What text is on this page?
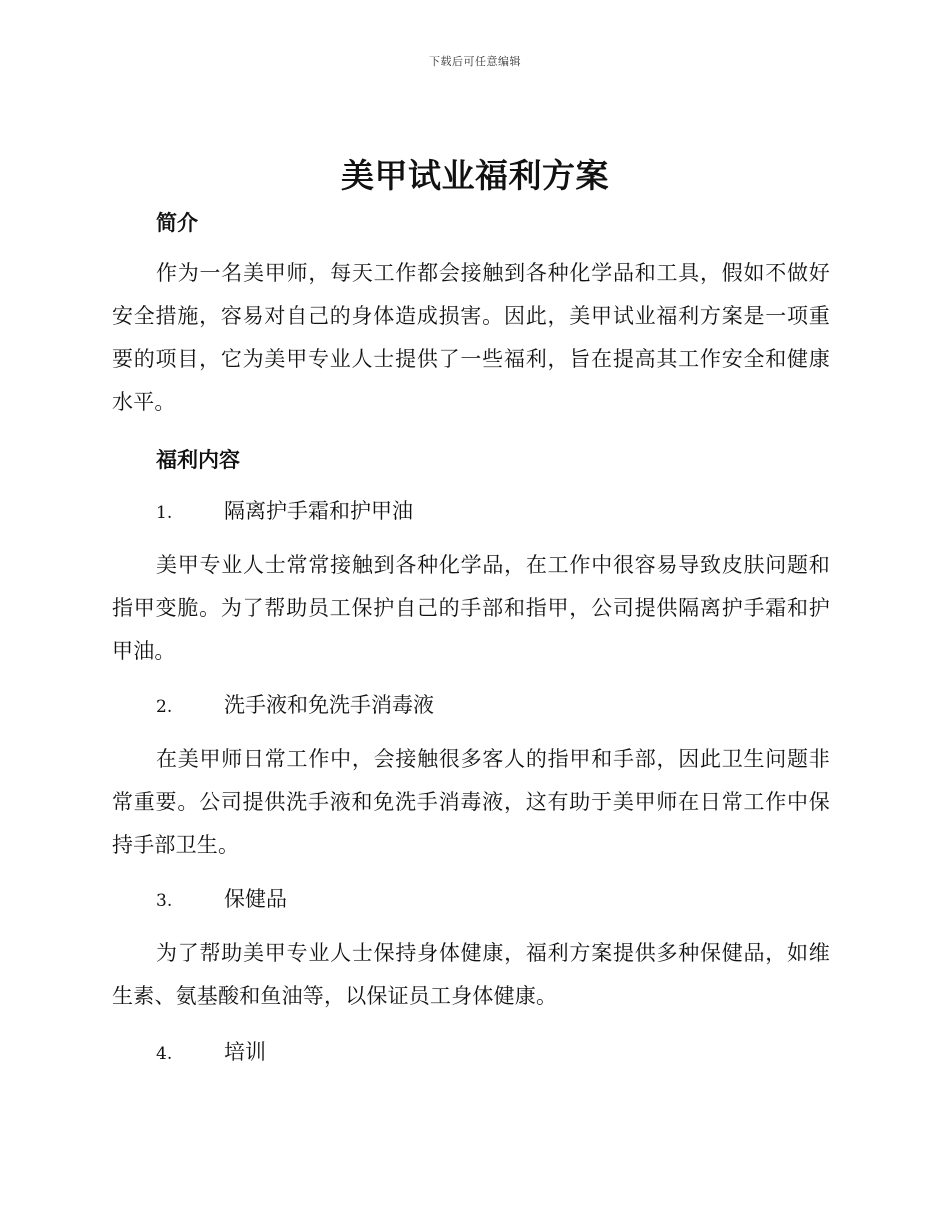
下载后可任意编辑
美甲试业福利方案
简介
作为一名美甲师，每天工作都会接触到各种化学品和工具，假如不做好安全措施，容易对自己的身体造成损害。因此，美甲试业福利方案是一项重要的项目，它为美甲专业人士提供了一些福利，旨在提高其工作安全和健康水平。
福利内容
1. 隔离护手霜和护甲油
美甲专业人士常常接触到各种化学品，在工作中很容易导致皮肤问题和指甲变脆。为了帮助员工保护自己的手部和指甲，公司提供隔离护手霜和护甲油。
2. 洗手液和免洗手消毒液
在美甲师日常工作中，会接触很多客人的指甲和手部，因此卫生问题非常重要。公司提供洗手液和免洗手消毒液，这有助于美甲师在日常工作中保持手部卫生。
3. 保健品
为了帮助美甲专业人士保持身体健康，福利方案提供多种保健品，如维生素、氨基酸和鱼油等，以保证员工身体健康。
4. 培训
